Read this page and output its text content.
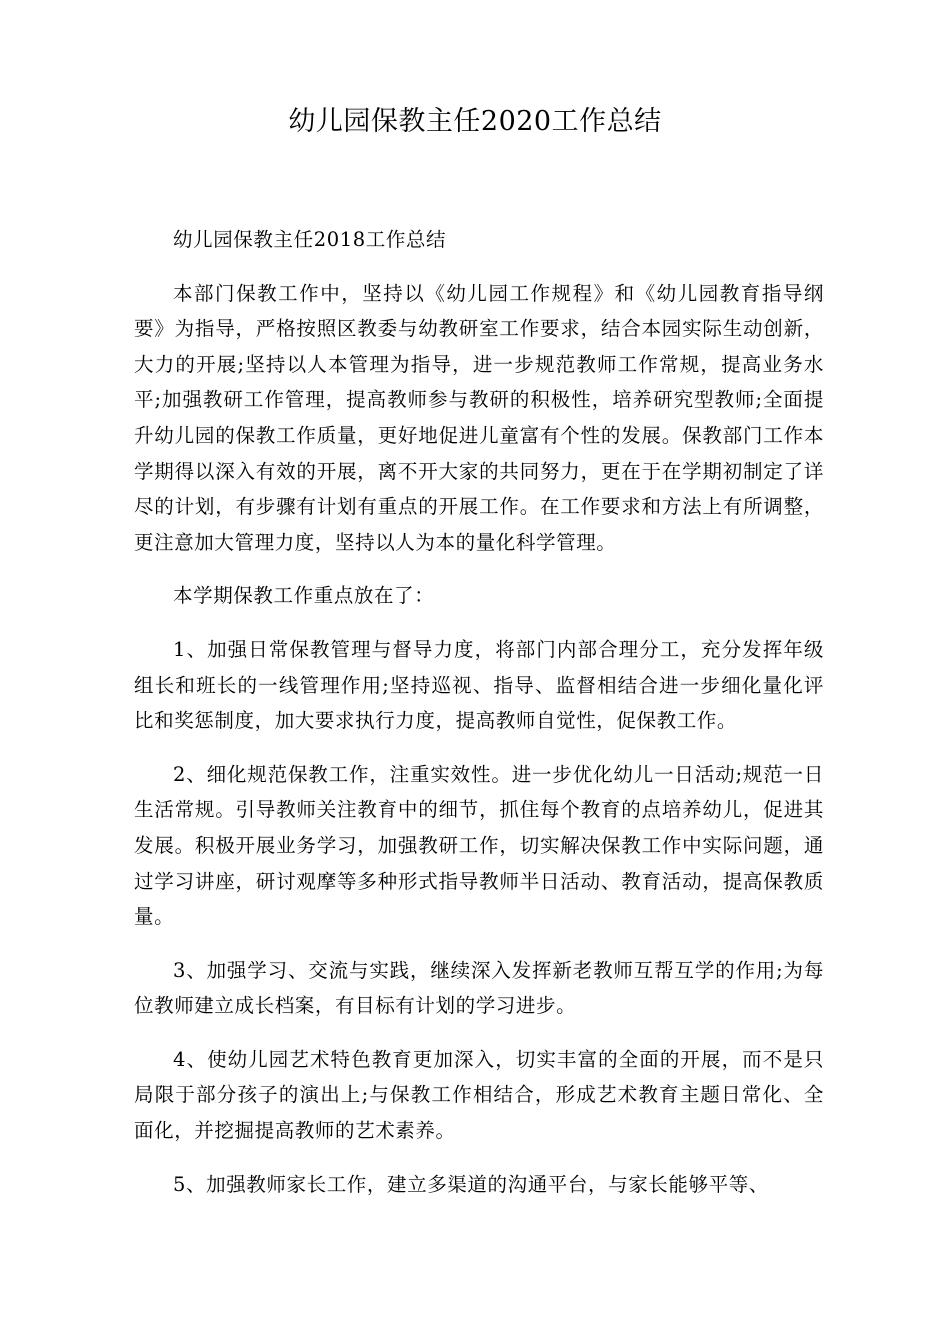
幼儿园保教主任2020工作总结

幼儿园保教主任2018工作总结

本部门保教工作中，坚持以《幼儿园工作规程》和《幼儿园教育指导纲要》为指导，严格按照区教委与幼教研室工作要求，结合本园实际生动创新，大力的开展;坚持以人本管理为指导，进一步规范教师工作常规，提高业务水平;加强教研工作管理，提高教师参与教研的积极性，培养研究型教师;全面提升幼儿园的保教工作质量，更好地促进儿童富有个性的发展。保教部门工作本学期得以深入有效的开展，离不开大家的共同努力，更在于在学期初制定了详尽的计划，有步骤有计划有重点的开展工作。在工作要求和方法上有所调整，更注意加大管理力度，坚持以人为本的量化科学管理。

本学期保教工作重点放在了：

1、加强日常保教管理与督导力度，将部门内部合理分工，充分发挥年级组长和班长的一线管理作用;坚持巡视、指导、监督相结合进一步细化量化评比和奖惩制度，加大要求执行力度，提高教师自觉性，促保教工作。

2、细化规范保教工作，注重实效性。进一步优化幼儿一日活动;规范一日生活常规。引导教师关注教育中的细节，抓住每个教育的点培养幼儿，促进其发展。积极开展业务学习，加强教研工作，切实解决保教工作中实际问题，通过学习讲座，研讨观摩等多种形式指导教师半日活动、教育活动，提高保教质量。

3、加强学习、交流与实践，继续深入发挥新老教师互帮互学的作用;为每位教师建立成长档案，有目标有计划的学习进步。

4、使幼儿园艺术特色教育更加深入，切实丰富的全面的开展，而不是只局限于部分孩子的演出上;与保教工作相结合，形成艺术教育主题日常化、全面化，并挖掘提高教师的艺术素养。

5、加强教师家长工作，建立多渠道的沟通平台，与家长能够平等、
